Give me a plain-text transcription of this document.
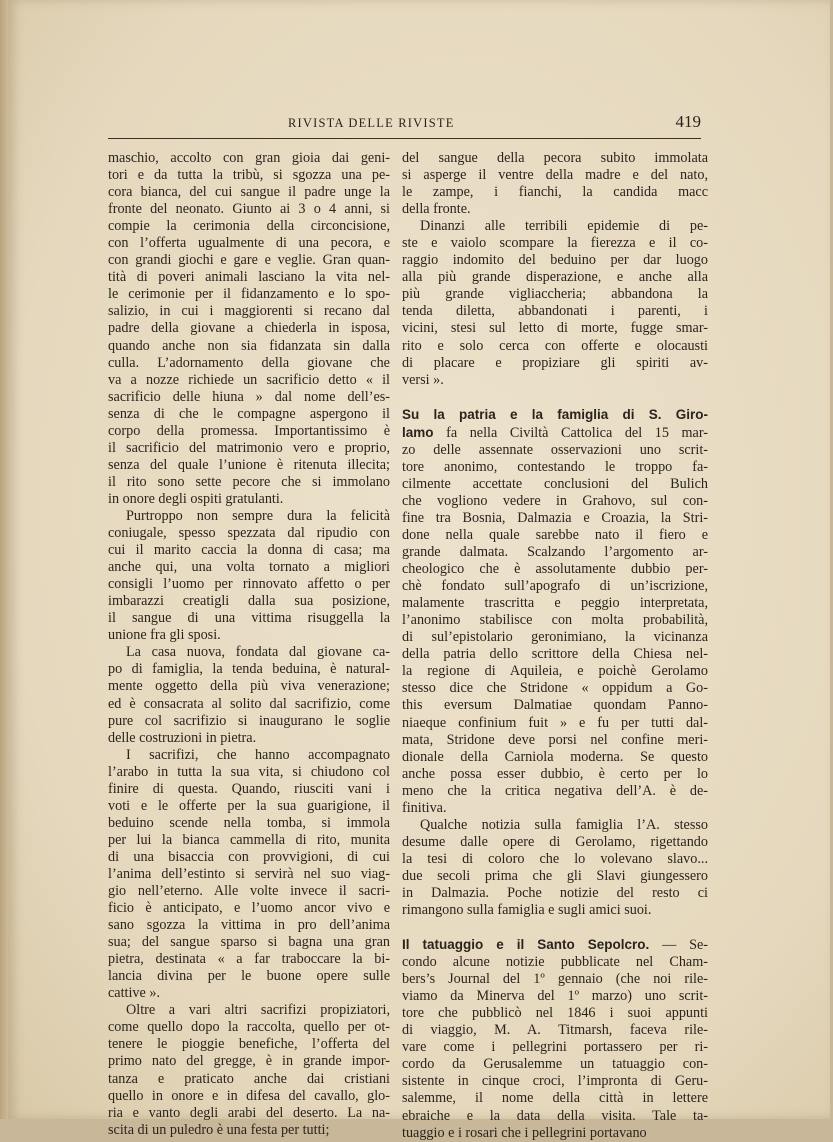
RIVISTA DELLE RIVISTE	419

maschio, accolto con gran gioia dai geni-

tori e da tutta la tribù, si sgozza una pe-

cora bianca, del cui sangue il padre unge la

fronte del neonato. Giunto ai 3 o 4 anni, si

compie la cerimonia della circoncisione,

con l’offerta ugualmente di una pecora, e

con grandi giochi e gare e veglie. Gran quan-

tità di poveri animali lasciano la vita nel-

le cerimonie per il fidanzamento e lo spo-

salizio, in cui i maggiorenti si recano dal

padre della giovane a chiederla in isposa,

quando anche non sia fidanzata sin dalla

culla. L’adornamento della giovane che

va a nozze richiede un sacrificio detto « il

sacrificio delle hiuna » dal nome dell’es-

senza di che le compagne aspergono il

corpo della promessa. Importantissimo è

il sacrificio del matrimonio vero e proprio,

senza del quale l’unione è ritenuta illecita;

il rito sono sette pecore che si immolano

in onore degli ospiti gratulanti.

Purtroppo non sempre dura la felicità

coniugale, spesso spezzata dal ripudio con

cui il marito caccia la donna di casa; ma

anche qui, una volta tornato a migliori

consigli l’uomo per rinnovato affetto o per

imbarazzi creatigli dalla sua posizione,

il sangue di una vittima risuggella la

unione fra gli sposi.

La casa nuova, fondata dal giovane ca-

po di famiglia, la tenda beduina, è natural-

mente oggetto della più viva venerazione;

ed è consacrata al solito dal sacrifizio, come

pure col sacrifizio si inaugurano le soglie

delle costruzioni in pietra.

I sacrifizi, che hanno accompagnato

l’arabo in tutta la sua vita, si chiudono col

finire di questa. Quando, riusciti vani i

voti e le offerte per la sua guarigione, il

beduino scende nella tomba, si immola

per lui la bianca cammella di rito, munita

di una bisaccia con provvigioni, di cui

l’anima dell’estinto si servirà nel suo viag-

gio nell’eterno. Alle volte invece il sacri-

ficio è anticipato, e l’uomo ancor vivo e

sano sgozza la vittima in pro dell’anima

sua; del sangue sparso si bagna una gran

pietra, destinata « a far traboccare la bi-

lancia divina per le buone opere sulle

cattive ».

Oltre a vari altri sacrifizi propiziatori,

come quello dopo la raccolta, quello per ot-

tenere le pioggie benefiche, l’offerta del

primo nato del gregge, è in grande impor-

tanza e praticato anche dai cristiani

quello in onore e in difesa del cavallo, glo-

ria e vanto degli arabi del deserto. La na-

scita di un puledro è una festa per tutti;

del sangue della pecora subito immolata

si asperge il ventre della madre e del nato,

le zampe, i fianchi, la candida macc

della fronte.

Dinanzi alle terribili epidemie di pe-

ste e vaiolo scompare la fierezza e il co-

raggio indomito del beduino per dar luogo

alla più grande disperazione, e anche alla

più grande vigliaccheria; abbandona la

tenda diletta, abbandonati i parenti, i

vicini, stesi sul letto di morte, fugge smar-

rito e solo cerca con offerte e olocausti

di placare e propiziare gli spiriti av-

versi ».

Su la patria e la famiglia di S. Giro-

lamo fa nella Civiltà Cattolica del 15 mar-

zo delle assennate osservazioni uno scrit-

tore anonimo, contestando le troppo fa-

cilmente accettate conclusioni del Bulich

che vogliono vedere in Grahovo, sul con-

fine tra Bosnia, Dalmazia e Croazia, la Stri-

done nella quale sarebbe nato il fiero e

grande dalmata. Scalzando l’argomento ar-

cheologico che è assolutamente dubbio per-

chè fondato sull’apografo di un’iscrizione,

malamente trascritta e peggio interpretata,

l’anonimo stabilisce con molta probabilità,

di sul’epistolario geronimiano, la vicinanza

della patria dello scrittore della Chiesa nel-

la regione di Aquileia, e poichè Gerolamo

stesso dice che Stridone « oppidum a Go-

this eversum Dalmatiae quondam Panno-

niaeque confinium fuit » e fu per tutti dal-

mata, Stridone deve porsi nel confine meri-

dionale della Carniola moderna. Se questo

anche possa esser dubbio, è certo per lo

meno che la critica negativa dell’A. è de-

finitiva.

Qualche notizia sulla famiglia l’A. stesso

desume dalle opere di Gerolamo, rigettando

la tesi di coloro che lo volevano slavo...

due secoli prima che gli Slavi giungessero

in Dalmazia. Poche notizie del resto ci

rimangono sulla famiglia e sugli amici suoi.

Il tatuaggio e il Santo Sepolcro. — Se-

condo alcune notizie pubblicate nel Cham-

bers’s Journal del 1º gennaio (che noi rile-

viamo da Minerva del 1º marzo) uno scrit-

tore che pubblicò nel 1846 i suoi appunti

di viaggio, M. A. Titmarsh, faceva rile-

vare come i pellegrini portassero per ri-

cordo da Gerusalemme un tatuaggio con-

sistente in cinque croci, l’impronta di Geru-

salemme, il nome della città in lettere

ebraiche e la data della visita. Tale ta-

tuaggio e i rosari che i pellegrini portavano
